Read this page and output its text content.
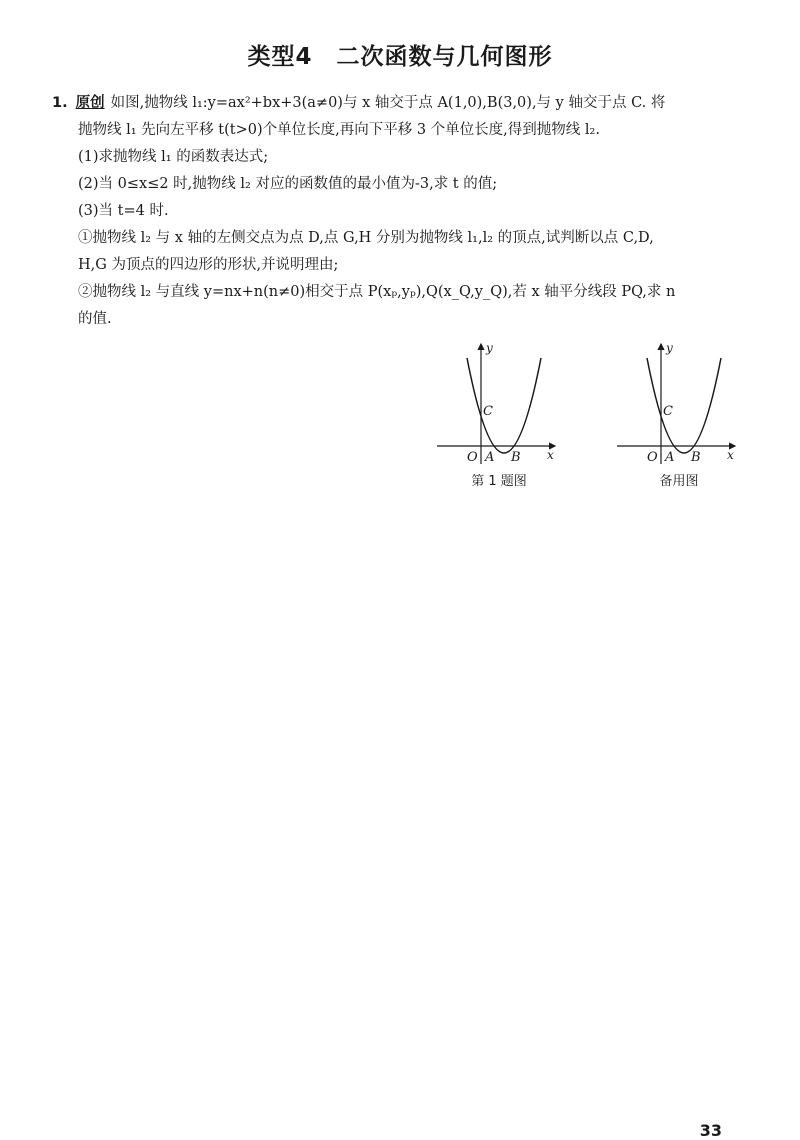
类型4　二次函数与几何图形
1. 原创 如图,抛物线 l₁:y=ax²+bx+3(a≠0)与 x 轴交于点 A(1,0),B(3,0),与 y 轴交于点 C. 将
抛物线 l₁ 先向左平移 t(t>0)个单位长度,再向下平移 3 个单位长度,得到抛物线 l₂.
(1)求抛物线 l₁ 的函数表达式;
(2)当 0≤x≤2 时,抛物线 l₂ 对应的函数值的最小值为-3,求 t 的值;
(3)当 t=4 时.
①抛物线 l₂ 与 x 轴的左侧交点为点 D,点 G,H 分别为抛物线 l₁,l₂ 的顶点,试判断以点 C,D,
H,G 为顶点的四边形的形状,并说明理由;
②抛物线 l₂ 与直线 y=nx+n(n≠0)相交于点 P(xₚ,yₚ),Q(x_Q,y_Q),若 x 轴平分线段 PQ,求 n
的值.
y
x
O A B
C
第 1 题图
y
x
O A B
C
备用图
33
